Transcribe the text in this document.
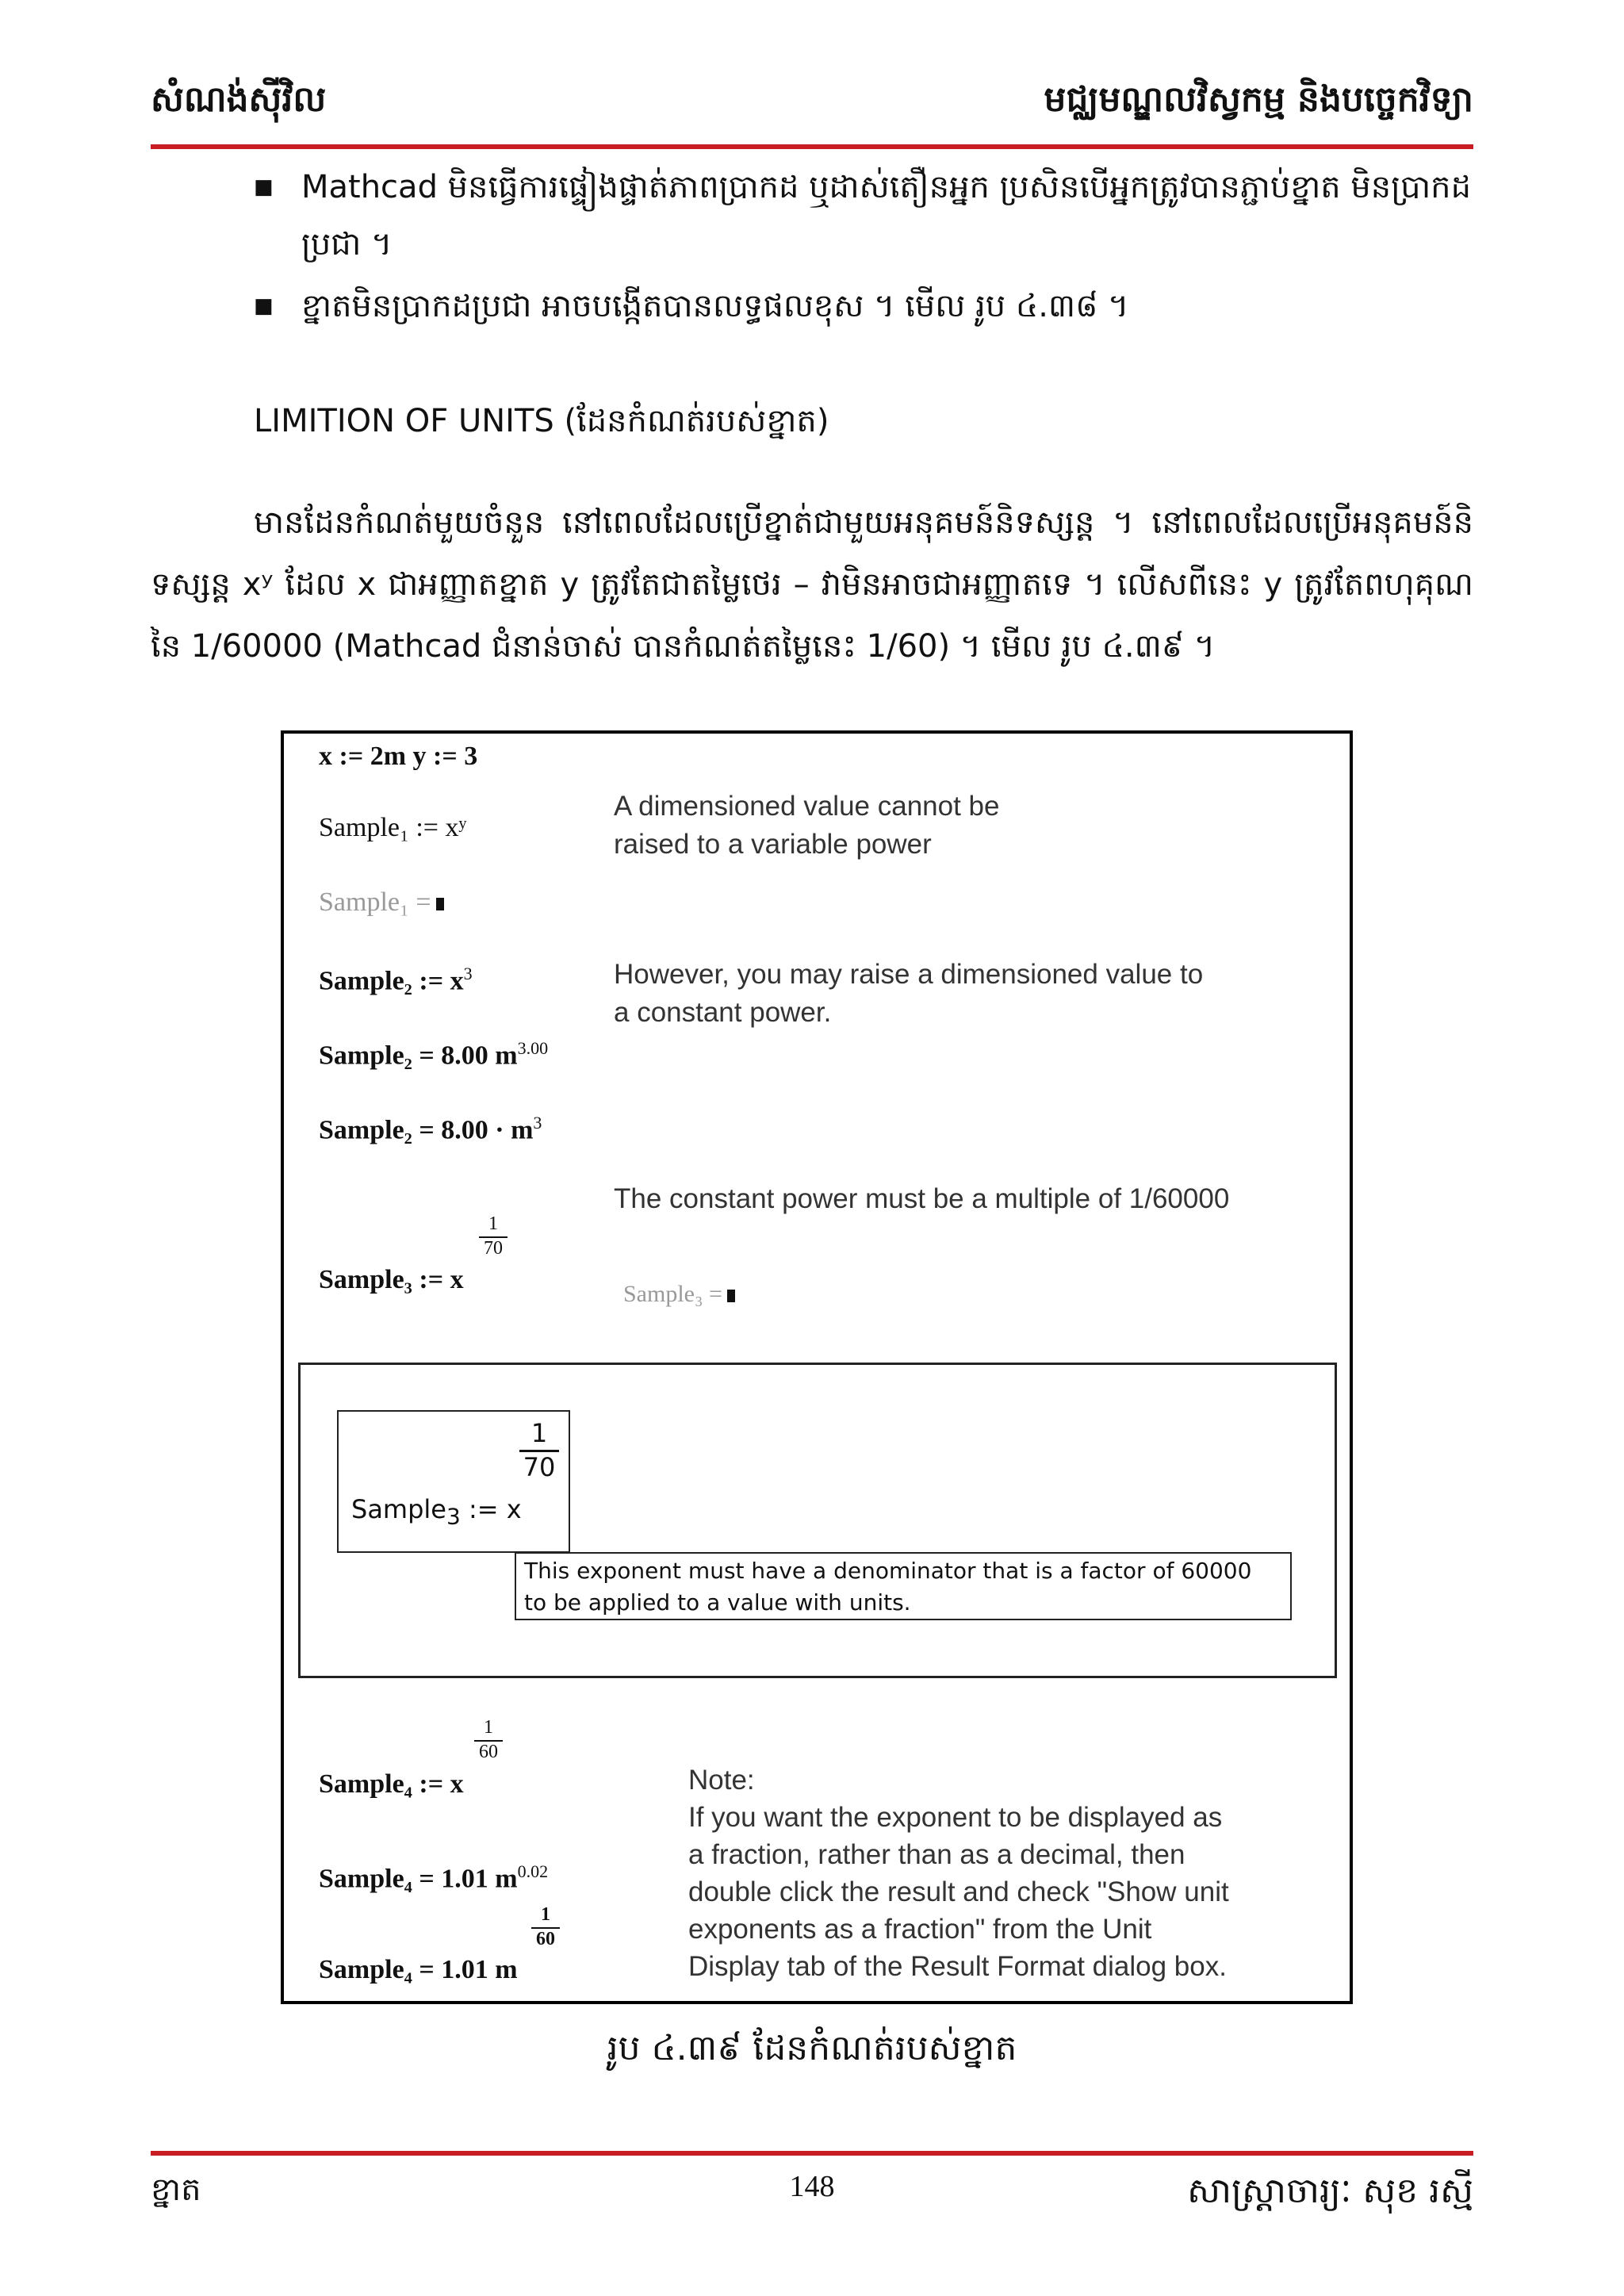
សំណង់ស៊ីវិល	មជ្ឈមណ្ឌលវិស្វកម្ម និងបច្ចេកវិទ្យា
■ Mathcad មិនធ្វើការផ្ទៀងផ្ទាត់ភាពប្រាកដ ឬដាស់តឿនអ្នក ប្រសិនបើអ្នកត្រូវបានភ្ជាប់ខ្នាត មិនប្រាកដប្រជា ។
■ ខ្នាតមិនប្រាកដប្រជា អាចបង្កើតបានលទ្ធផលខុស ។ មើល រូប ៤.៣៨ ។
LIMITION OF UNITS (ដែនកំណត់របស់ខ្នាត)
មានដែនកំណត់មួយចំនួន នៅពេលដែលប្រើខ្នាត់ជាមួយអនុគមន៍និទស្សន្ត ។ នៅពេលដែលប្រើអនុគមន៍និទស្សន្ត xʸ ដែល x ជាអញ្ញាតខ្នាត y ត្រូវតែជាតម្លៃថេរ – វាមិនអាចជាអញ្ញាតទេ ។ លើសពីនេះ y ត្រូវតែពហុគុណនៃ 1/60000 (Mathcad ជំនាន់ចាស់ បានកំណត់តម្លៃនេះ 1/60) ។ មើល រូប ៤.៣៩ ។
x := 2m y := 3
Sample₁ := xʸ
A dimensioned value cannot be
raised to a variable power
Sample₁ =
Sample₂ := $x^3$	However, you may raise a dimensioned value to
a constant power.
Sample₂ = 8.00 $m^{3.00}$
Sample₂ = $8.00 \cdot m^3$
The constant power must be a multiple of 1/60000
Sample₃ := x
1
70
Sample₃ =
Sample$_3$ := x
1
70
This exponent must have a denominator that is a factor of 60000
to be applied to a value with units.
Sample₄ := x
1
60
Sample₄ = 1.01 $m^{0.02}$
Sample₄ = 1.01 m
1
60
Note:
If you want the exponent to be displayed as
a fraction, rather than as a decimal, then
double click the result and check "Show unit
exponents as a fraction" from the Unit
Display tab of the Result Format dialog box.
រូប ៤.៣៩ ដែនកំណត់របស់ខ្នាត
ខ្នាត	148	សាស្ត្រាចារ្យៈ សុខ រស្មី
